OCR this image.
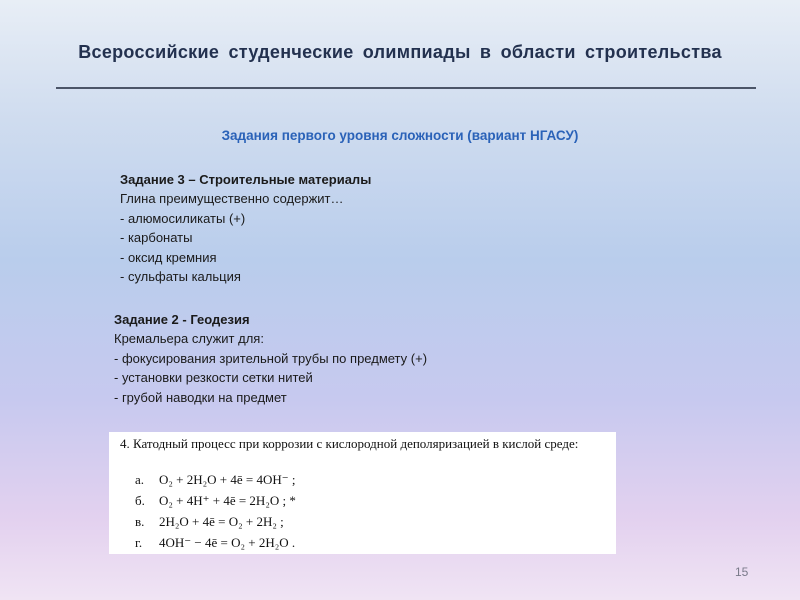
Всероссийские студенческие олимпиады в области строительства
Задания первого уровня сложности (вариант НГАСУ)
Задание 3 – Строительные материалы
Глина преимущественно содержит…
- алюмосиликаты (+)
- карбонаты
- оксид кремния
- сульфаты кальция
Задание 2 - Геодезия
Кремальера служит для:
- фокусирования зрительной трубы по предмету (+)
- установки резкости сетки нитей
- грубой наводки на предмет
4. Катодный процесс при коррозии с кислородной деполяризацией в кислой среде:
а. O₂ + 2H₂O + 4ē = 4OH⁻ ;
б. O₂ + 4H⁺ + 4ē = 2H₂O ; *
в. 2H₂O + 4ē = O₂ + 2H₂ ;
г. 4OH⁻ − 4ē = O₂ + 2H₂O .
15
